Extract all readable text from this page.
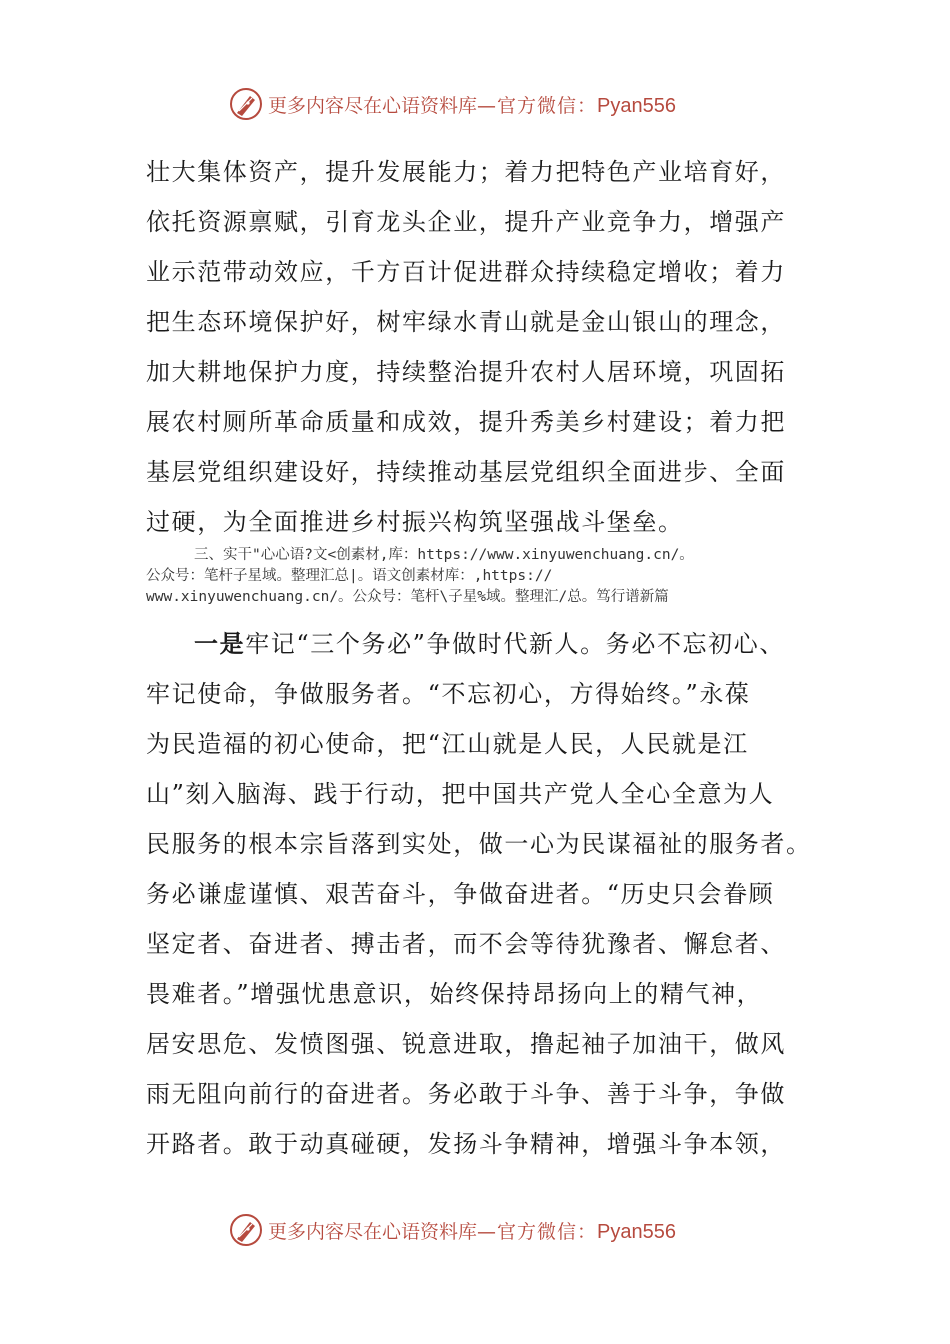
更多内容尽在心语资料库—官方微信：Pyan556
壮大集体资产，提升发展能力；着力把特色产业培育好，
依托资源禀赋，引育龙头企业，提升产业竞争力，增强产
业示范带动效应，千方百计促进群众持续稳定增收；着力
把生态环境保护好，树牢绿水青山就是金山银山的理念，
加大耕地保护力度，持续整治提升农村人居环境，巩固拓
展农村厕所革命质量和成效，提升秀美乡村建设；着力把
基层党组织建设好，持续推动基层党组织全面进步、全面
过硬，为全面推进乡村振兴构筑坚强战斗堡垒。
三、实干"心心语?文<创素材,库：https://www.xinyuwenchuang.cn/。
公众号：笔杆子星域。整理汇总|。语文创素材库：,https://
www.xinyuwenchuang.cn/。公众号：笔杆\子星%域。整理汇/总。笃行谱新篇
一是牢记“三个务必”争做时代新人。务必不忘初心、
牢记使命，争做服务者。“不忘初心，方得始终。”永葆
为民造福的初心使命，把“江山就是人民，人民就是江
山”刻入脑海、践于行动，把中国共产党人全心全意为人
民服务的根本宗旨落到实处，做一心为民谋福祉的服务者。
务必谦虚谨慎、艰苦奋斗，争做奋进者。“历史只会眷顾
坚定者、奋进者、搏击者，而不会等待犹豫者、懈怠者、
畏难者。”增强忧患意识，始终保持昂扬向上的精气神，
居安思危、发愤图强、锐意进取，撸起袖子加油干，做风
雨无阻向前行的奋进者。务必敢于斗争、善于斗争，争做
开路者。敢于动真碰硬，发扬斗争精神，增强斗争本领，
更多内容尽在心语资料库—官方微信：Pyan556
